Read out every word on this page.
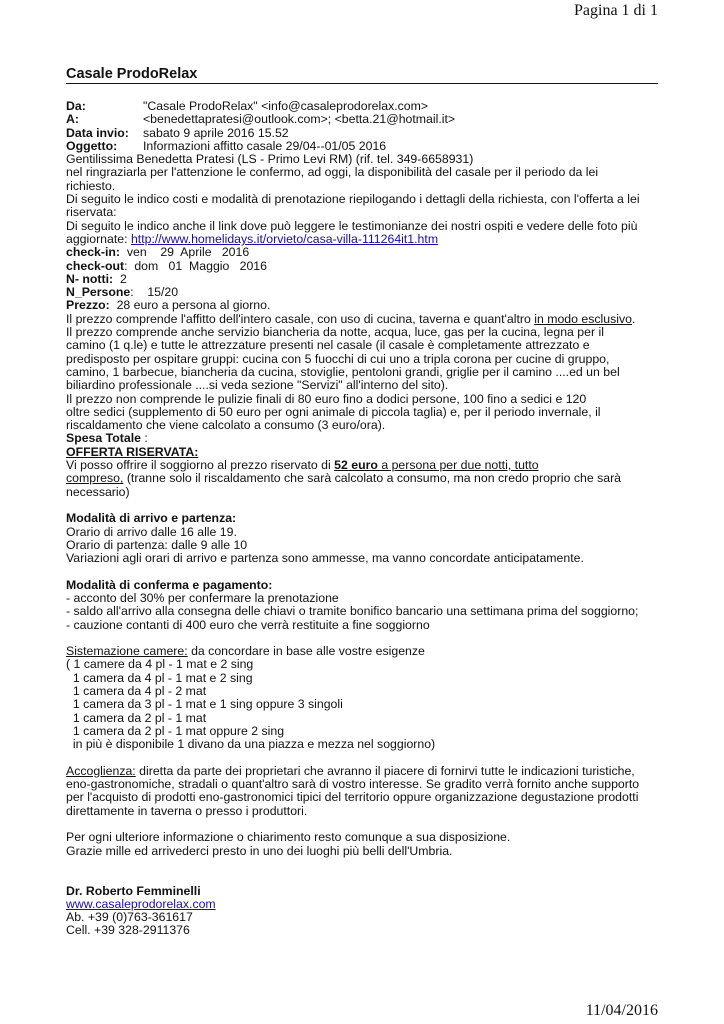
Pagina 1 di 1
Casale ProdoRelax
Da:	"Casale ProdoRelax" <info@casaleprodorelax.com>
A:	<benedettapratesi@outlook.com>; <betta.21@hotmail.it>
Data invio: sabato 9 aprile 2016 15.52
Oggetto: Informazioni affitto casale 29/04--01/05 2016
Gentilissima Benedetta Pratesi (LS - Primo Levi RM) (rif. tel. 349-6658931)
nel ringraziarla per l'attenzione le confermo, ad oggi, la disponibilità del casale per il periodo da lei
richiesto.
Di seguito le indico costi e modalità di prenotazione riepilogando i dettagli della richiesta, con l'offerta a lei
riservata:
Di seguito le indico anche il link dove può leggere le testimonianze dei nostri ospiti e vedere delle foto più
aggiornate: http://www.homelidays.it/orvieto/casa-villa-111264it1.htm
check-in:  ven    29  Aprile   2016
check-out:  dom   01  Maggio   2016
N- notti:  2
N_Persone:    15/20
Prezzo:  28 euro a persona al giorno.
Il prezzo comprende l'affitto dell'intero casale, con uso di cucina, taverna e quant'altro in modo esclusivo.
Il prezzo comprende anche servizio biancheria da notte, acqua, luce, gas per la cucina, legna per il
camino (1 q.le) e tutte le attrezzature presenti nel casale (il casale è completamente attrezzato e
predisposto per ospitare gruppi: cucina con 5 fuocchi di cui uno a tripla corona per cucine di gruppo,
camino, 1 barbecue, biancheria da cucina, stoviglie, pentoloni grandi, griglie per il camino ....ed un bel
biliardino professionale ....si veda sezione "Servizi" all'interno del sito).
Il prezzo non comprende le pulizie finali di 80 euro fino a dodici persone, 100 fino a sedici e 120
oltre sedici (supplemento di 50 euro per ogni animale di piccola taglia) e, per il periodo invernale, il
riscaldamento che viene calcolato a consumo (3 euro/ora).
Spesa Totale :
OFFERTA RISERVATA:
Vi posso offrire il soggiorno al prezzo riservato di 52 euro a persona per due notti, tutto
compreso, (tranne solo il riscaldamento che sarà calcolato a consumo, ma non credo proprio che sarà
necessario)
Modalità di arrivo e partenza:
Orario di arrivo dalle 16 alle 19.
Orario di partenza: dalle 9 alle 10
Variazioni agli orari di arrivo e partenza sono ammesse, ma vanno concordate anticipatamente.
Modalità di conferma e pagamento:
- acconto del 30% per confermare la prenotazione
- saldo all'arrivo alla consegna delle chiavi o tramite bonifico bancario una settimana prima del soggiorno;
- cauzione contanti di 400 euro che verrà restituite a fine soggiorno
Sistemazione camere: da concordare in base alle vostre esigenze
( 1 camere da 4 pl - 1 mat e 2 sing
1 camera da 4 pl - 1 mat e 2 sing
1 camera da 4 pl - 2 mat
1 camera da 3 pl - 1 mat e 1 sing oppure 3 singoli
1 camera da 2 pl - 1 mat
1 camera da 2 pl - 1 mat oppure 2 sing
in più è disponibile 1 divano da una piazza e mezza nel soggiorno)
Accoglienza: diretta da parte dei proprietari che avranno il piacere di fornirvi tutte le indicazioni turistiche,
eno-gastronomiche, stradali o quant'altro sarà di vostro interesse. Se gradito verrà fornito anche supporto
per l'acquisto di prodotti eno-gastronomici tipici del territorio oppure organizzazione degustazione prodotti
direttamente in taverna o presso i produttori.
Per ogni ulteriore informazione o chiarimento resto comunque a sua disposizione.
Grazie mille ed arrivederci presto in uno dei luoghi più belli dell'Umbria.
Dr. Roberto Femminelli
www.casaleprodorelax.com
Ab. +39 (0)763-361617
Cell. +39 328-2911376
11/04/2016
